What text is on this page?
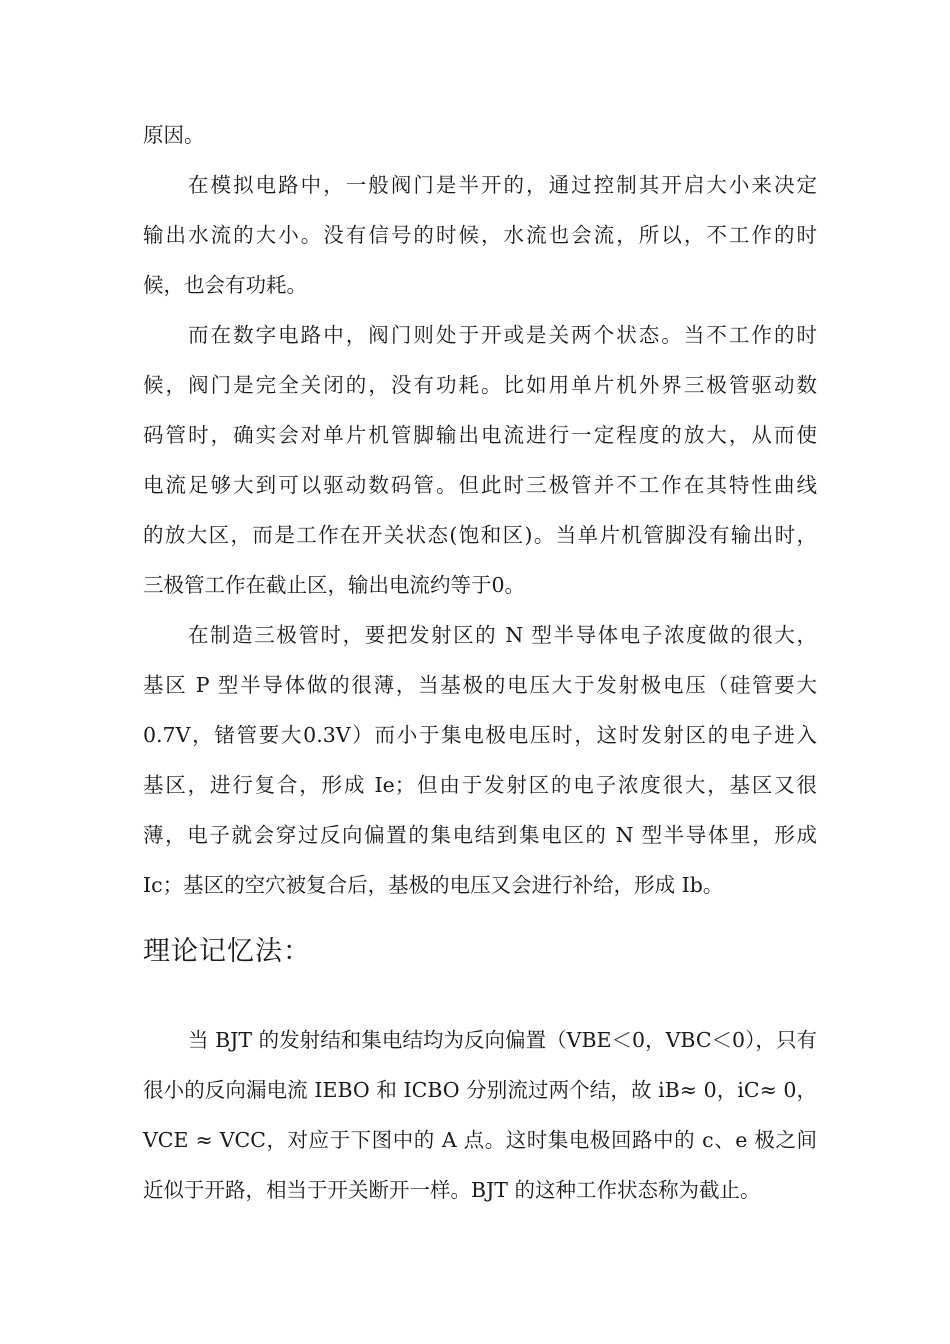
原因。
在模拟电路中，一般阀门是半开的，通过控制其开启大小来决定
输出水流的大小。没有信号的时候，水流也会流，所以，不工作的时
候，也会有功耗。
而在数字电路中，阀门则处于开或是关两个状态。当不工作的时
候，阀门是完全关闭的，没有功耗。比如用单片机外界三极管驱动数
码管时，确实会对单片机管脚输出电流进行一定程度的放大，从而使
电流足够大到可以驱动数码管。但此时三极管并不工作在其特性曲线
的放大区，而是工作在开关状态(饱和区)。当单片机管脚没有输出时，
三极管工作在截止区，输出电流约等于0。
在制造三极管时，要把发射区的 N 型半导体电子浓度做的很大，
基区 P 型半导体做的很薄，当基极的电压大于发射极电压（硅管要大
0.7V，锗管要大0.3V）而小于集电极电压时，这时发射区的电子进入
基区，进行复合，形成 Ie；但由于发射区的电子浓度很大，基区又很
薄，电子就会穿过反向偏置的集电结到集电区的 N 型半导体里，形成
Ic；基区的空穴被复合后，基极的电压又会进行补给，形成 Ib。
理论记忆法：
当 BJT 的发射结和集电结均为反向偏置（VBE＜0，VBC＜0），只有
很小的反向漏电流 IEBO 和 ICBO 分别流过两个结，故 iB≈ 0，iC≈ 0，
VCE ≈ VCC，对应于下图中的 A 点。这时集电极回路中的 c、e 极之间
近似于开路，相当于开关断开一样。BJT 的这种工作状态称为截止。
